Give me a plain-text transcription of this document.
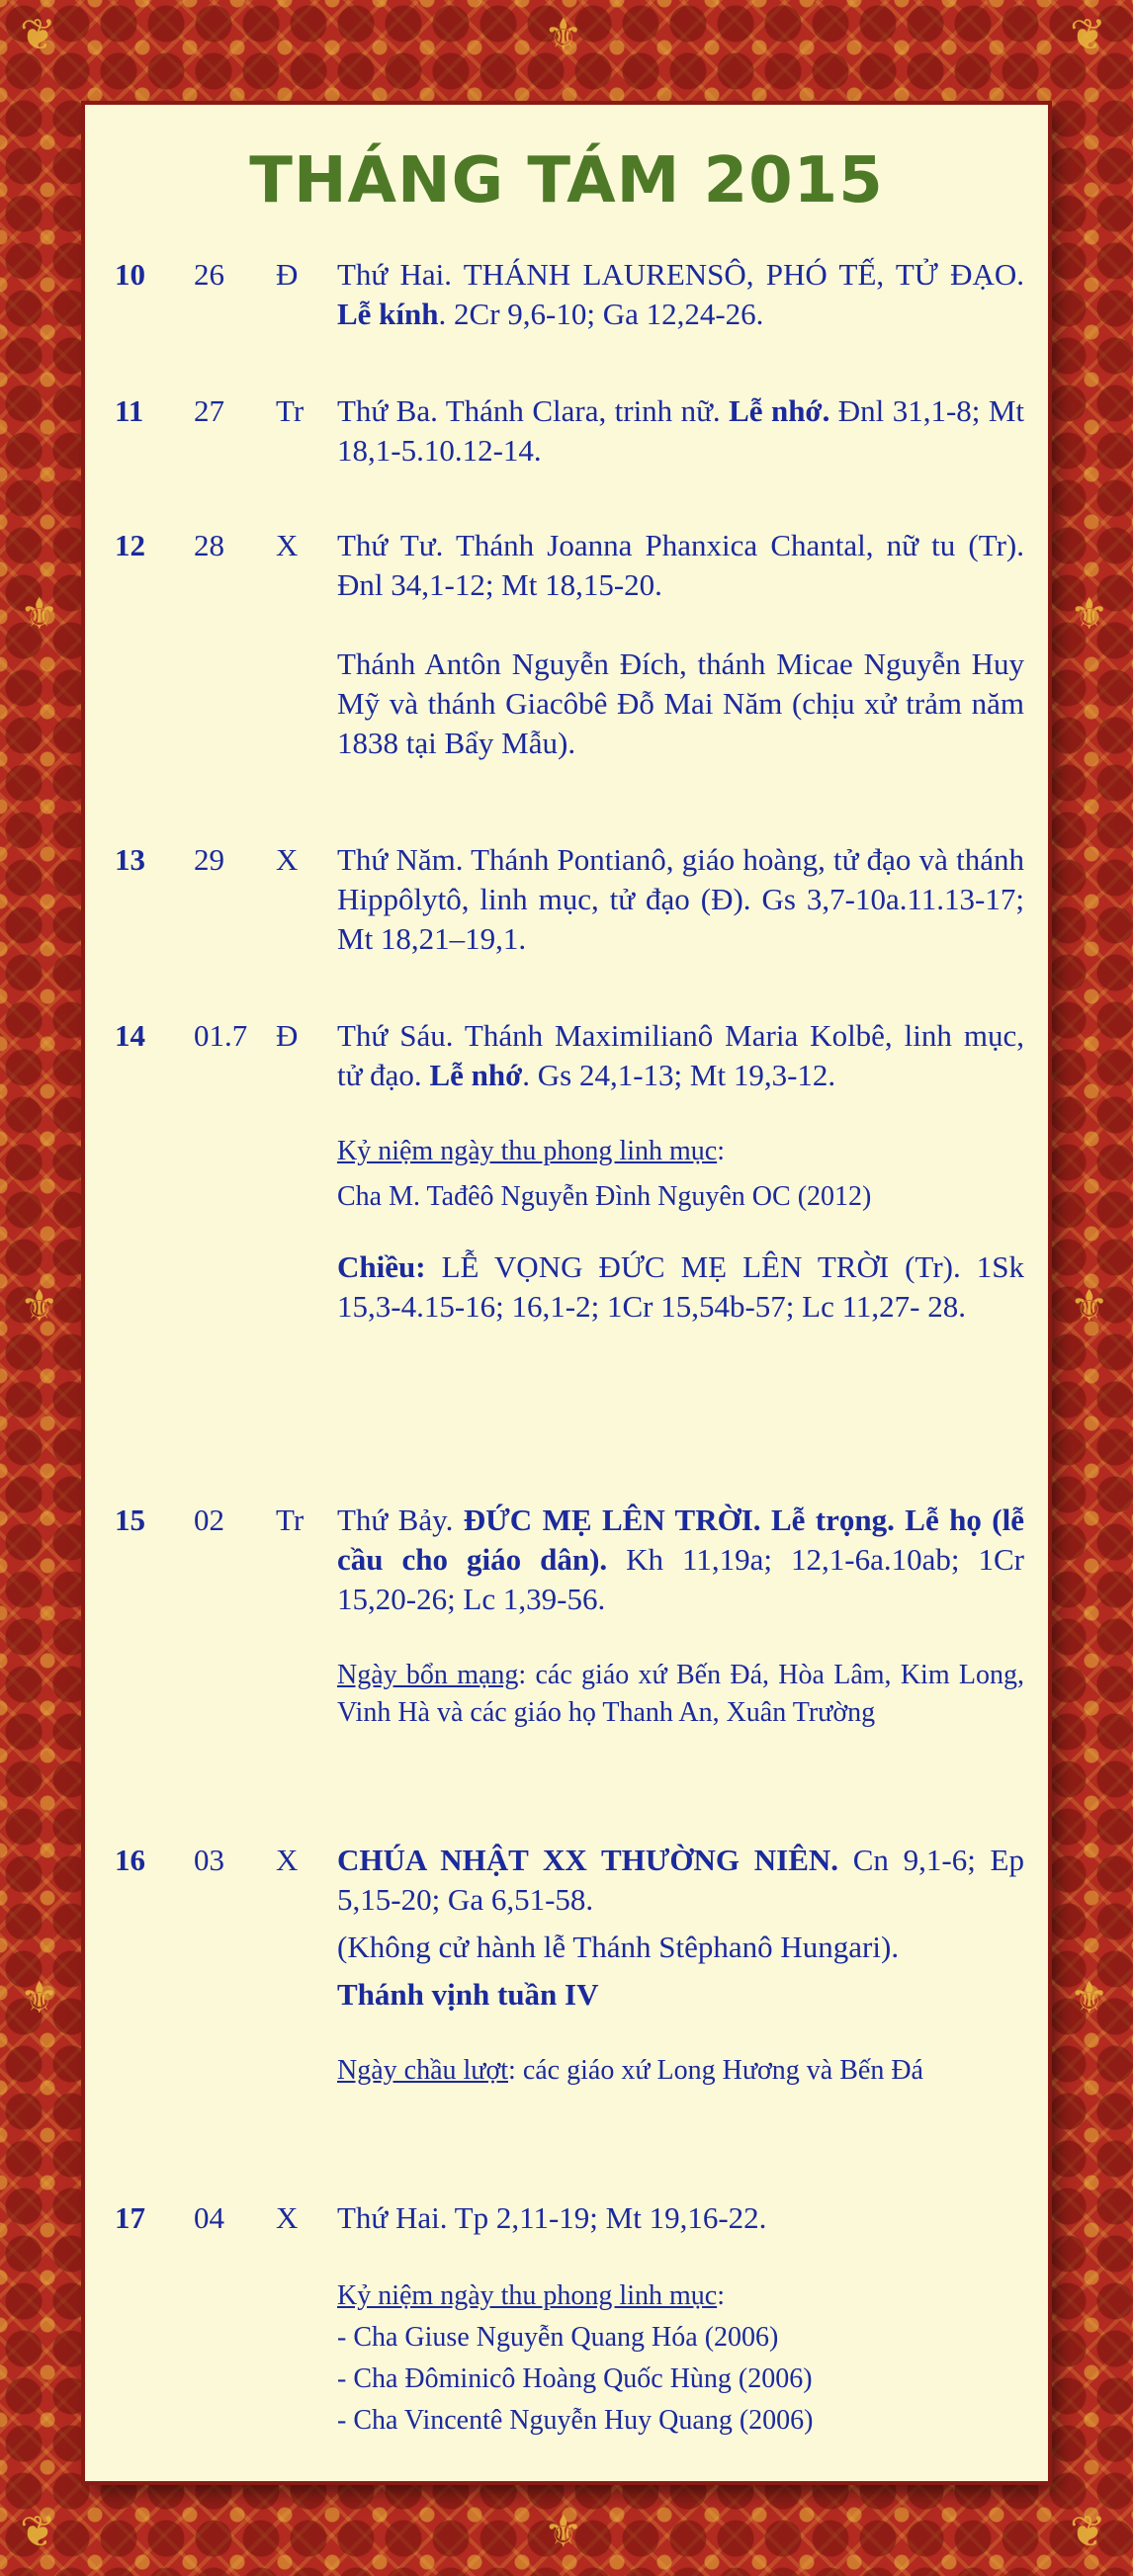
❦	❦
❦	❦
⚜	⚜
⚜	⚜
⚜	⚜
⚜
⚜
THÁNG TÁM 2015
10 26 Đ Thứ Hai. THÁNH LAURENSÔ, PHÓ TẾ, TỬ ĐẠO. Lễ kính. 2Cr 9,6-10; Ga 12,24-26.

11 27 Tr Thứ Ba. Thánh Clara, trinh nữ. Lễ nhớ. Đnl 31,1-8; Mt 18,1-5.10.12-14.

12 28 X Thứ Tư. Thánh Joanna Phanxica Chantal, nữ tu (Tr). Đnl 34,1-12; Mt 18,15-20.

Thánh Antôn Nguyễn Đích, thánh Micae Nguyễn Huy Mỹ và thánh Giacôbê Đỗ Mai Năm (chịu xử trảm năm 1838 tại Bẩy Mẫu).

13 29 X Thứ Năm. Thánh Pontianô, giáo hoàng, tử đạo và thánh Hippôlytô, linh mục, tử đạo (Đ). Gs 3,7-10a.11.13-17; Mt 18,21–19,1.

14 01.7 Đ Thứ Sáu. Thánh Maximilianô Maria Kolbê, linh mục, tử đạo. Lễ nhớ. Gs 24,1-13; Mt 19,3-12.

Kỷ niệm ngày thu phong linh mục:

Cha M. Tađêô Nguyễn Đình Nguyên OC (2012)

Chiều: LỄ VỌNG ĐỨC MẸ LÊN TRỜI (Tr). 1Sk 15,3-4.15-16; 16,1-2; 1Cr 15,54b-57; Lc 11,27- 28.

15 02 Tr Thứ Bảy. ĐỨC MẸ LÊN TRỜI. Lễ trọng. Lễ họ (lễ cầu cho giáo dân). Kh 11,19a; 12,1-6a.10ab; 1Cr 15,20-26; Lc 1,39-56.

Ngày bổn mạng: các giáo xứ Bến Đá, Hòa Lâm, Kim Long, Vinh Hà và các giáo họ Thanh An, Xuân Trường

16 03 X CHÚA NHẬT XX THƯỜNG NIÊN. Cn 9,1-6; Ep 5,15-20; Ga 6,51-58.

(Không cử hành lễ Thánh Stêphanô Hungari).

Thánh vịnh tuần IV

Ngày chầu lượt: các giáo xứ Long Hương và Bến Đá

17 04 X Thứ Hai. Tp 2,11-19; Mt 19,16-22.

Kỷ niệm ngày thu phong linh mục:

- Cha Giuse Nguyễn Quang Hóa (2006)

- Cha Đôminicô Hoàng Quốc Hùng (2006)

- Cha Vincentê Nguyễn Huy Quang (2006)
